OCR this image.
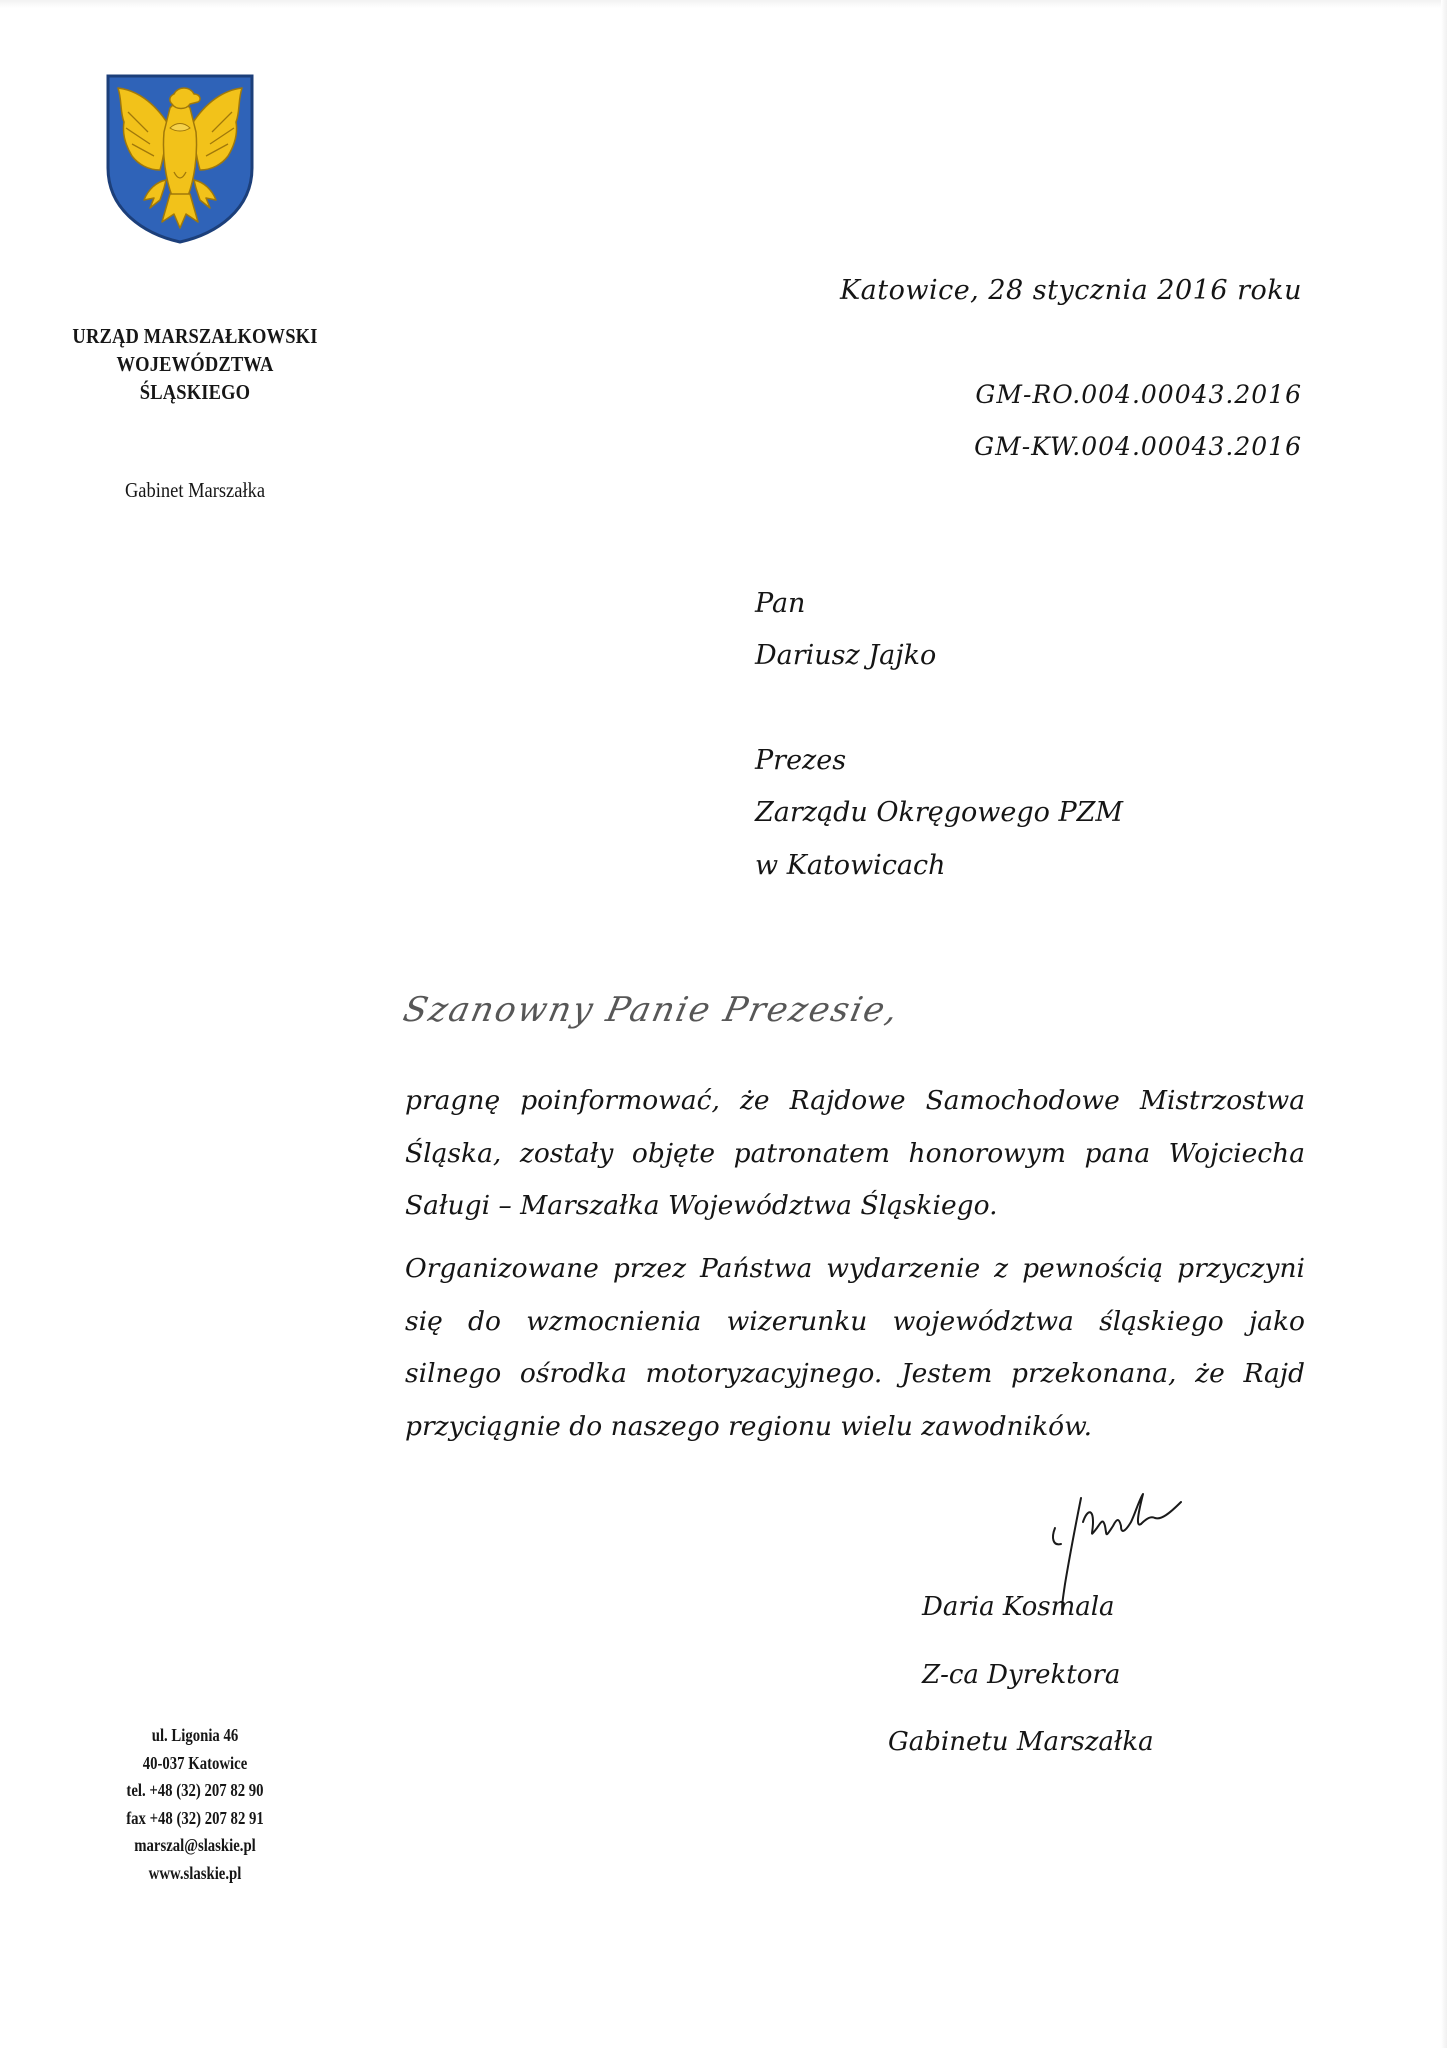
URZĄD MARSZAŁKOWSKI
WOJEWÓDZTWA
ŚLĄSKIEGO
Gabinet Marszałka
Katowice, 28 stycznia 2016 roku
GM-RO.004.00043.2016
GM-KW.004.00043.2016
Pan
Dariusz Jajko
Prezes
Zarządu Okręgowego PZM
w Katowicach
Szanowny Panie Prezesie,
pragnę poinformować, że Rajdowe Samochodowe Mistrzostwa Śląska, zostały objęte patronatem honorowym pana Wojciecha Saługi – Marszałka Województwa Śląskiego.
Organizowane przez Państwa wydarzenie z pewnością przyczyni się do wzmocnienia wizerunku województwa śląskiego jako silnego ośrodka motoryzacyjnego. Jestem przekonana, że Rajd przyciągnie do naszego regionu wielu zawodników.
Daria Kosmala
Z-ca Dyrektora
Gabinetu Marszałka
ul. Ligonia 46
40-037 Katowice
tel. +48 (32) 207 82 90
fax +48 (32) 207 82 91
marszal@slaskie.pl
www.slaskie.pl
